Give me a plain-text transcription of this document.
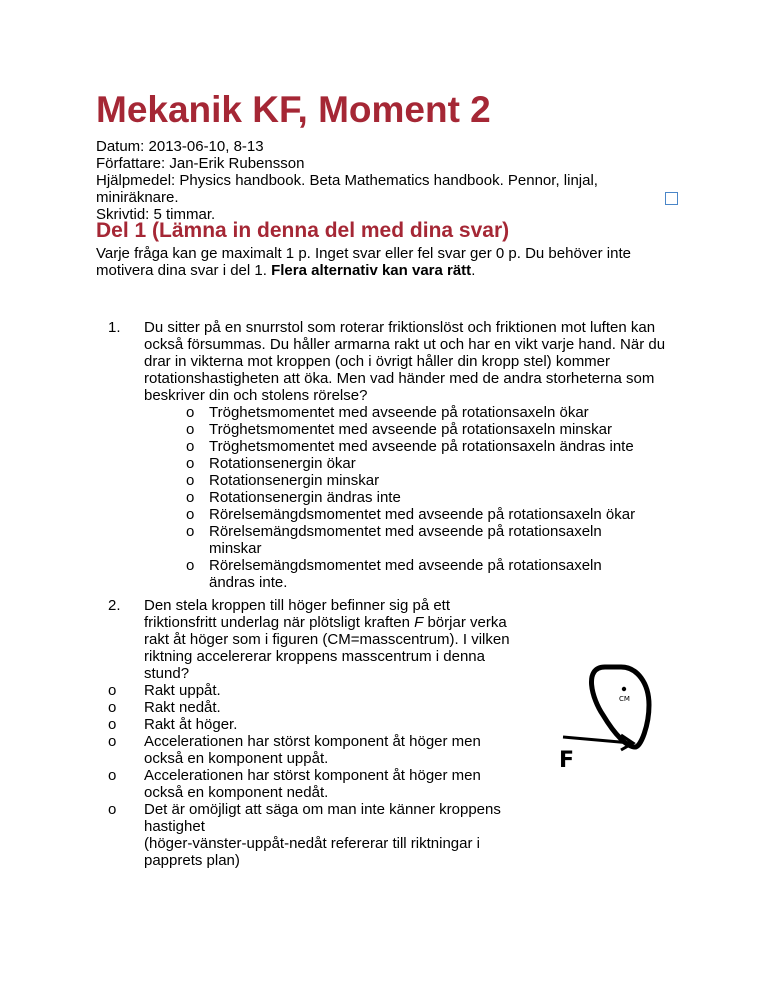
Mekanik KF, Moment 2
Datum: 2013-06-10, 8-13
Författare: Jan-Erik Rubensson
Hjälpmedel: Physics handbook. Beta Mathematics handbook. Pennor, linjal, miniräknare.
Skrivtid: 5 timmar.
Del 1 (Lämna in denna del med dina svar)
Varje fråga kan ge maximalt 1 p. Inget svar eller fel svar ger 0 p. Du behöver inte motivera dina svar i del 1. Flera alternativ kan vara rätt.
1. Du sitter på en snurrstol som roterar friktionslöst och friktionen mot luften kan också försummas. Du håller armarna rakt ut och har en vikt varje hand. När du drar in vikterna mot kroppen (och i övrigt håller din kropp stel) kommer rotationshastigheten att öka. Men vad händer med de andra storheterna som beskriver din och stolens rörelse?
o Tröghetsmomentet med avseende på rotationsaxeln ökar
o Tröghetsmomentet med avseende på rotationsaxeln minskar
o Tröghetsmomentet med avseende på rotationsaxeln ändras inte
o Rotationsenergin ökar
o Rotationsenergin minskar
o Rotationsenergin ändras inte
o Rörelsemängdsmomentet med avseende på rotationsaxeln ökar
o Rörelsemängdsmomentet med avseende på rotationsaxeln minskar
o Rörelsemängdsmomentet med avseende på rotationsaxeln ändras inte.
2. Den stela kroppen till höger befinner sig på ett friktionsfritt underlag när plötsligt kraften F börjar verka rakt åt höger som i figuren (CM=masscentrum). I vilken riktning accelererar kroppens masscentrum i denna stund?
o Rakt uppåt.
o Rakt nedåt.
o Rakt åt höger.
o Accelerationen har störst komponent åt höger men också en komponent uppåt.
o Accelerationen har störst komponent åt höger men också en komponent nedåt.
o Det är omöjligt att säga om man inte känner kroppens hastighet
(höger-vänster-uppåt-nedåt refererar till riktningar i papprets plan)
CM
F
